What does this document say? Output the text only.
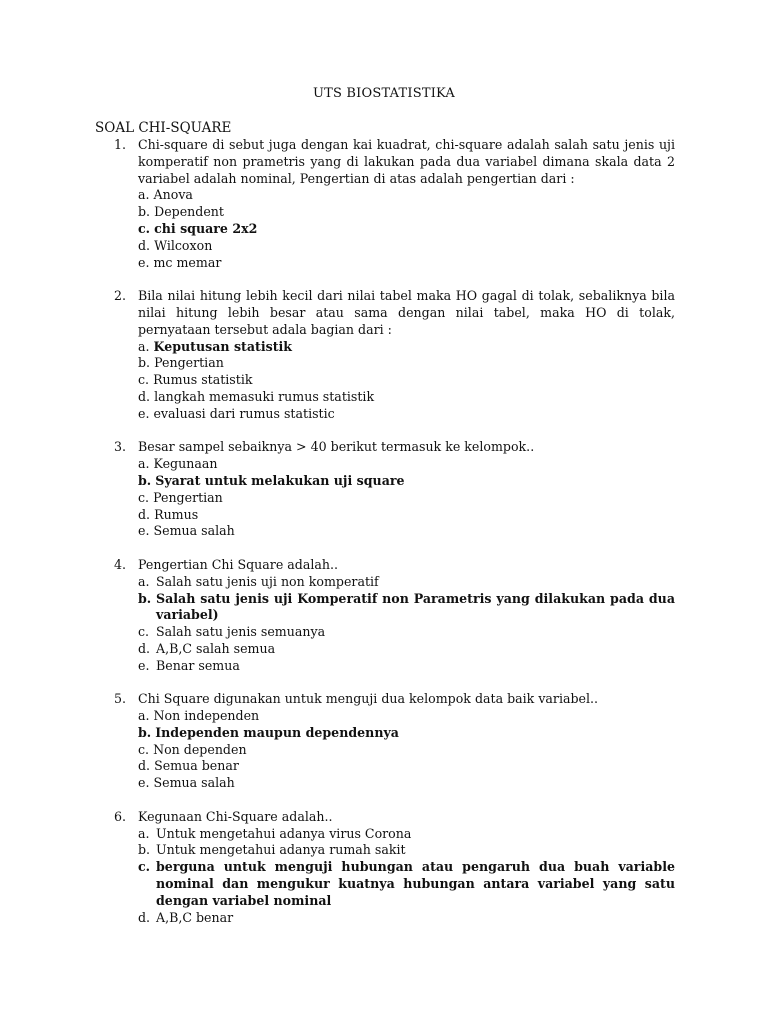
UTS BIOSTATISTIKA
SOAL CHI-SQUARE
1. Chi-square di sebut juga dengan kai kuadrat, chi-square adalah salah satu jenis uji komperatif non prametris yang di lakukan pada dua variabel dimana skala data 2 variabel adalah nominal, Pengertian di atas adalah pengertian dari :
a. Anova
b. Dependent
c. chi square 2x2
d. Wilcoxon
e. mc memar
2. Bila nilai hitung lebih kecil dari nilai tabel maka HO gagal di tolak, sebaliknya bila nilai hitung lebih besar atau sama dengan nilai tabel, maka HO di tolak, pernyataan tersebut adala bagian dari :
a. Keputusan statistik
b. Pengertian
c. Rumus statistik
d. langkah memasuki rumus statistik
e. evaluasi dari rumus statistic
3. Besar sampel sebaiknya > 40 berikut termasuk ke kelompok..
a. Kegunaan
b. Syarat untuk melakukan uji square
c. Pengertian
d. Rumus
e. Semua salah
4. Pengertian Chi Square adalah..
a. Salah satu jenis uji non komperatif
b. Salah satu jenis uji Komperatif non Parametris yang dilakukan pada dua variabel)
c. Salah satu jenis semuanya
d. A,B,C salah semua
e. Benar semua
5. Chi Square digunakan untuk menguji dua kelompok data baik variabel..
a. Non independen
b. Independen maupun dependennya
c. Non dependen
d. Semua benar
e. Semua salah
6. Kegunaan Chi-Square adalah..
a. Untuk mengetahui adanya virus Corona
b. Untuk mengetahui adanya rumah sakit
c. berguna untuk menguji hubungan atau pengaruh dua buah variable nominal dan mengukur kuatnya hubungan antara variabel yang satu dengan variabel nominal
d. A,B,C benar
